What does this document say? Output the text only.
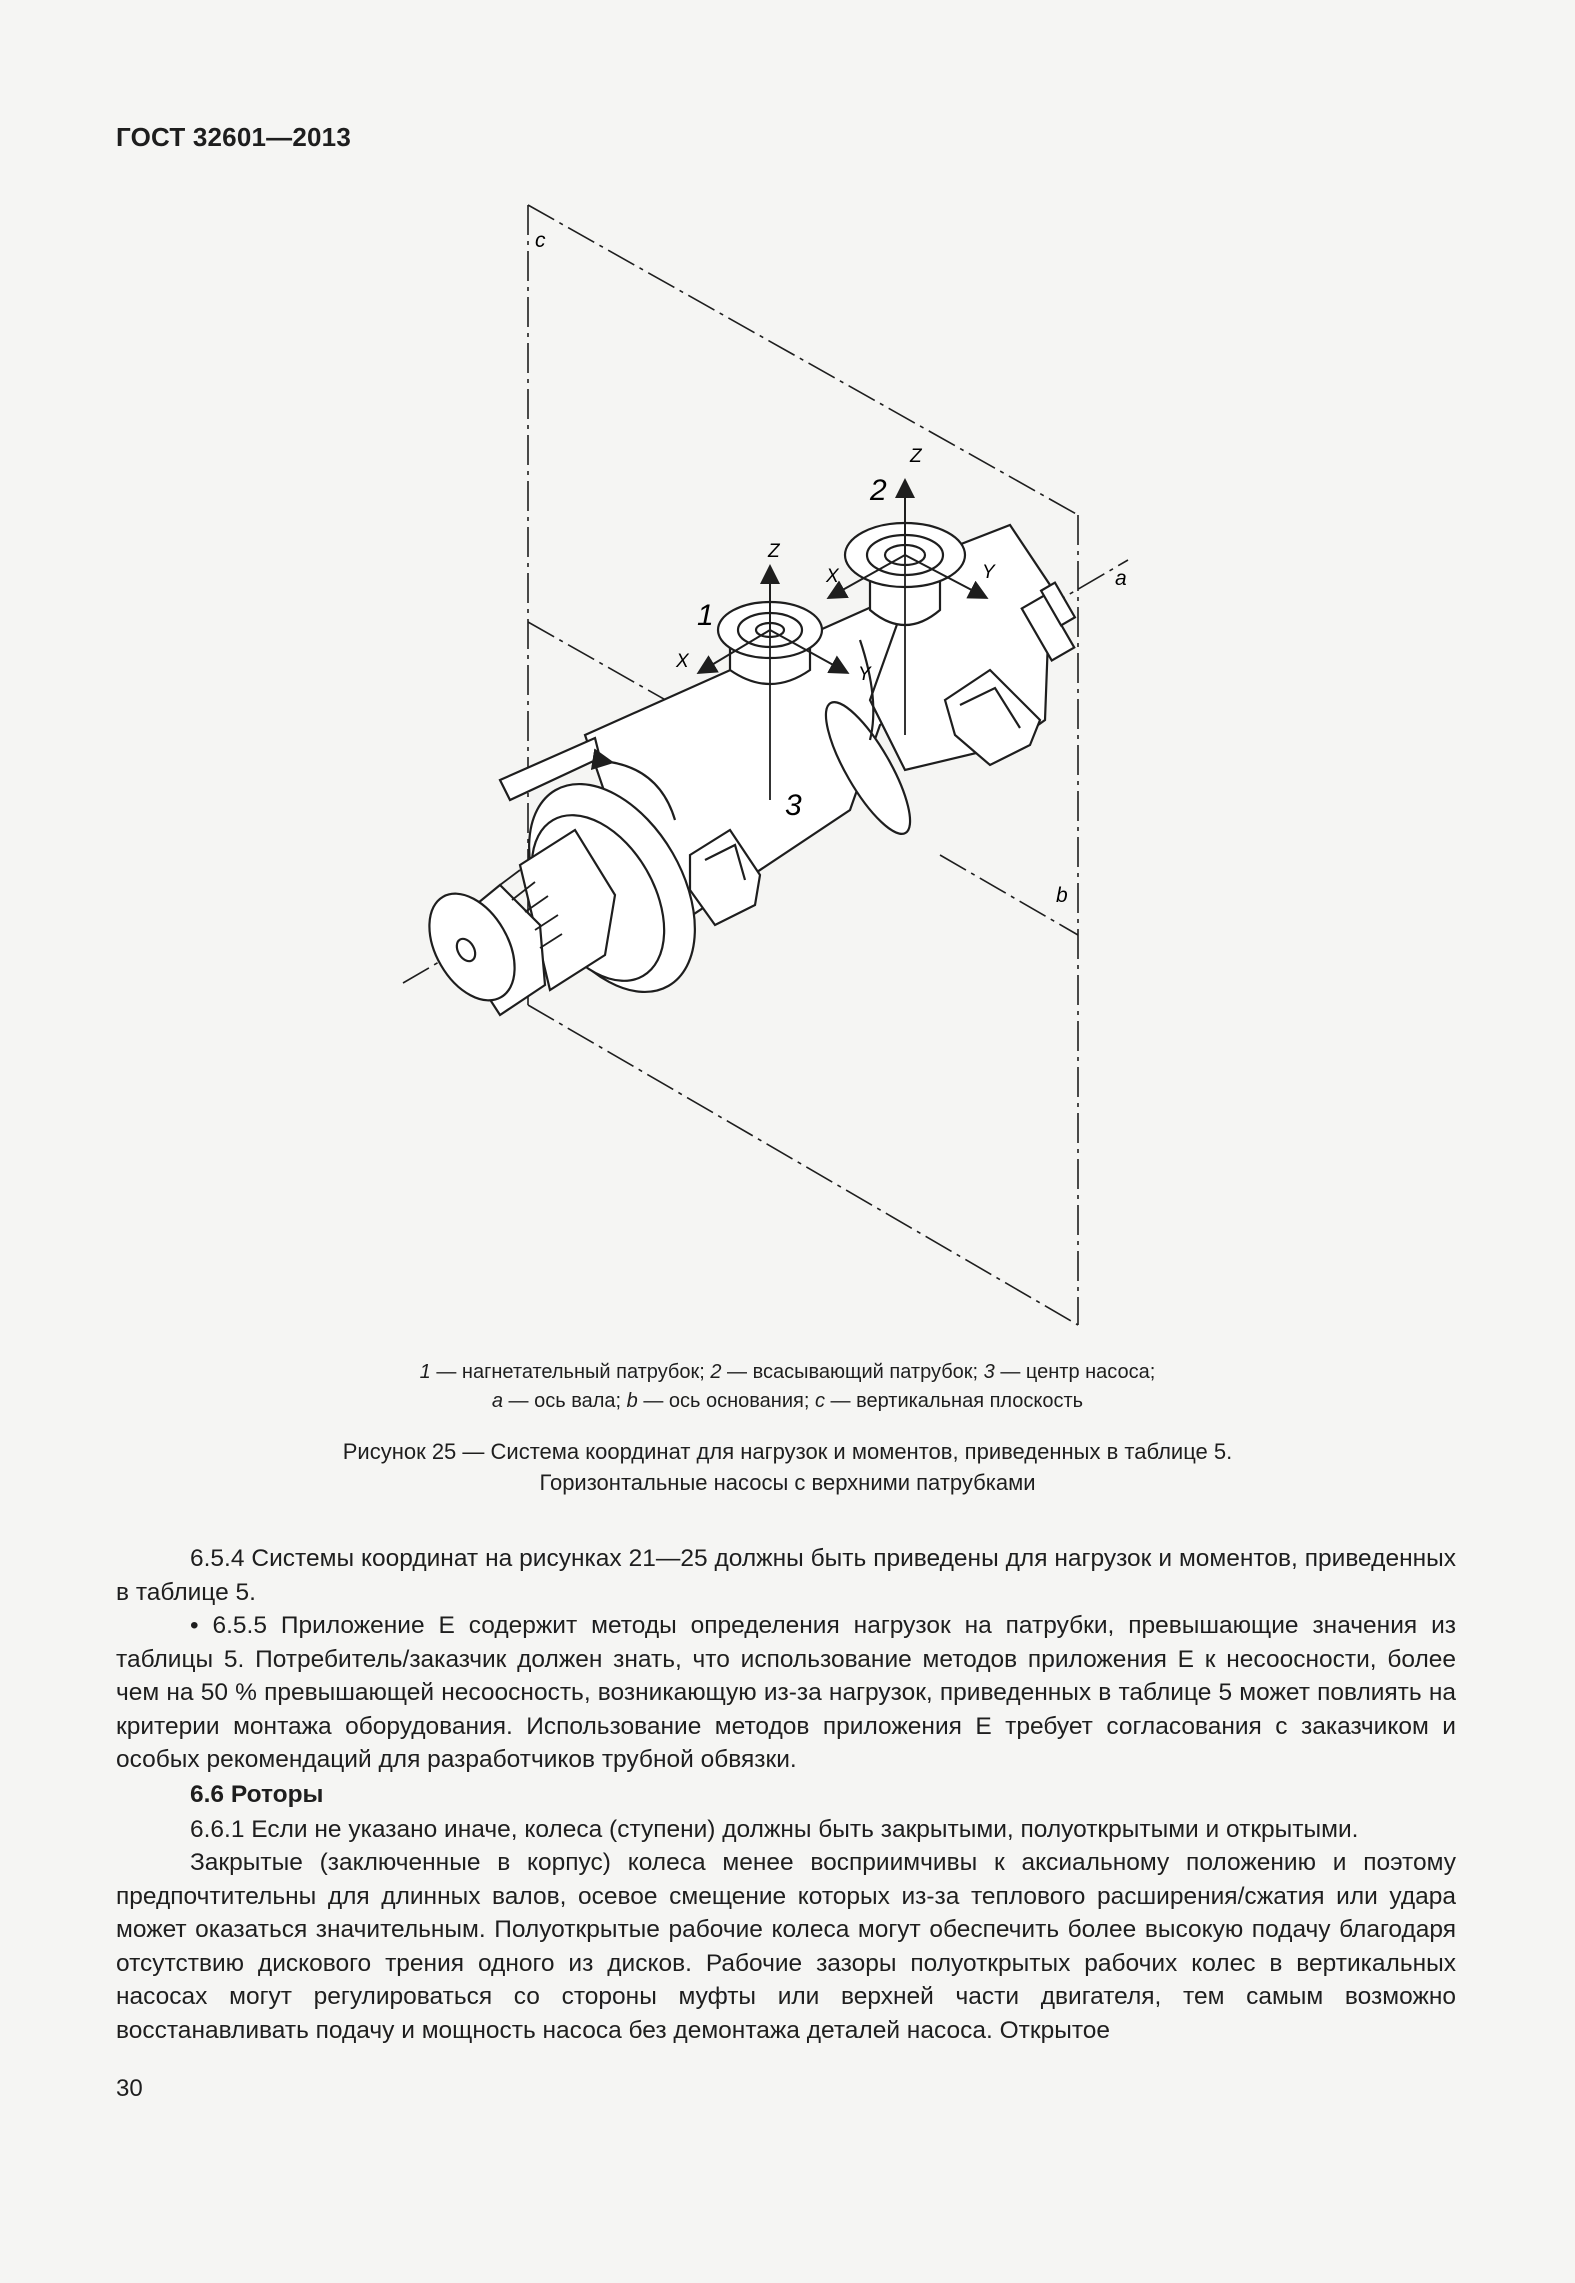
ГОСТ 32601—2013
c
a
b
1
2
3
Z
X
Y
Z
X	Y
1 — нагнетательный патрубок; 2 — всасывающий патрубок; 3 — центр насоса;
a — ось вала; b — ось основания; c — вертикальная плоскость
Рисунок 25 — Система координат для нагрузок и моментов, приведенных в таблице 5.
Горизонтальные насосы с верхними патрубками

6.5.4 Системы координат на рисунках 21—25 должны быть приведены для нагрузок и моментов, приведенных в таблице 5.

• 6.5.5 Приложение Е содержит методы определения нагрузок на патрубки, превышающие значения из таблицы 5. Потребитель/заказчик должен знать, что использование методов приложения Е к несоосности, более чем на 50 % превышающей несоосность, возникающую из-за нагрузок, приведенных в таблице 5 может повлиять на критерии монтажа оборудования. Использование методов приложения Е требует согласования с заказчиком и особых рекомендаций для разработчиков трубной обвязки.

6.6 Роторы

6.6.1 Если не указано иначе, колеса (ступени) должны быть закрытыми, полуоткрытыми и открытыми.

Закрытые (заключенные в корпус) колеса менее восприимчивы к аксиальному положению и поэтому предпочтительны для длинных валов, осевое смещение которых из-за теплового расширения/сжатия или удара может оказаться значительным. Полуоткрытые рабочие колеса могут обеспечить более высокую подачу благодаря отсутствию дискового трения одного из дисков. Рабочие зазоры полуоткрытых рабочих колес в вертикальных насосах могут регулироваться со стороны муфты или верхней части двигателя, тем самым возможно восстанавливать подачу и мощность насоса без демонтажа деталей насоса. Открытое

30
